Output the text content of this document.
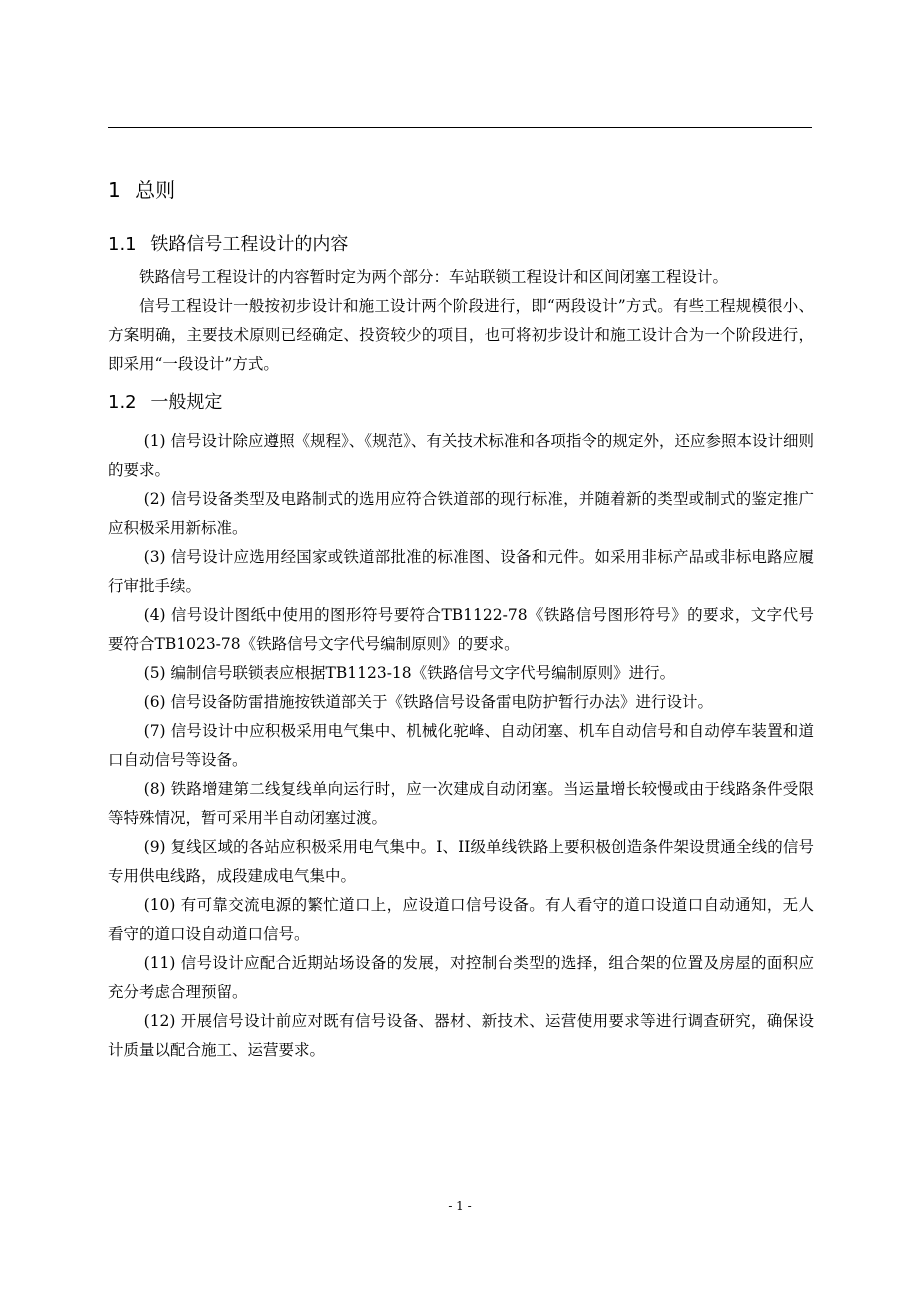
1 总则
1.1 铁路信号工程设计的内容

铁路信号工程设计的内容暂时定为两个部分：车站联锁工程设计和区间闭塞工程设计。

信号工程设计一般按初步设计和施工设计两个阶段进行，即“两段设计”方式。有些工程规模很小、方案明确，主要技术原则已经确定、投资较少的项目，也可将初步设计和施工设计合为一个阶段进行，即采用“一段设计”方式。

1.2 一般规定

(1) 信号设计除应遵照《规程》、《规范》、有关技术标准和各项指令的规定外，还应参照本设计细则的要求。

(2) 信号设备类型及电路制式的选用应符合铁道部的现行标准，并随着新的类型或制式的鉴定推广应积极采用新标准。

(3) 信号设计应选用经国家或铁道部批准的标准图、设备和元件。如采用非标产品或非标电路应履行审批手续。

(4) 信号设计图纸中使用的图形符号要符合TB1122-78《铁路信号图形符号》的要求，文字代号要符合TB1023-78《铁路信号文字代号编制原则》的要求。

(5) 编制信号联锁表应根据TB1123-18《铁路信号文字代号编制原则》进行。

(6) 信号设备防雷措施按铁道部关于《铁路信号设备雷电防护暂行办法》进行设计。

(7) 信号设计中应积极采用电气集中、机械化驼峰、自动闭塞、机车自动信号和自动停车装置和道口自动信号等设备。

(8) 铁路增建第二线复线单向运行时，应一次建成自动闭塞。当运量增长较慢或由于线路条件受限等特殊情况，暂可采用半自动闭塞过渡。

(9) 复线区域的各站应积极采用电气集中。I、II级单线铁路上要积极创造条件架设贯通全线的信号专用供电线路，成段建成电气集中。

(10) 有可靠交流电源的繁忙道口上，应设道口信号设备。有人看守的道口设道口自动通知，无人看守的道口设自动道口信号。

(11) 信号设计应配合近期站场设备的发展，对控制台类型的选择，组合架的位置及房屋的面积应充分考虑合理预留。

(12) 开展信号设计前应对既有信号设备、器材、新技术、运营使用要求等进行调查研究，确保设计质量以配合施工、运营要求。

- 1 -
